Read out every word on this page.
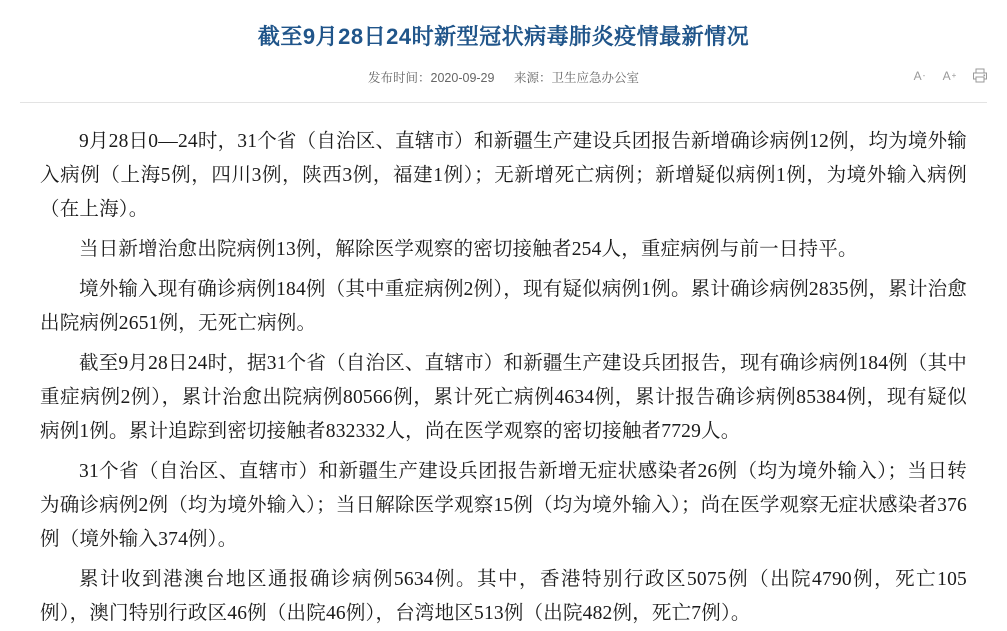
截至9月28日24时新型冠状病毒肺炎疫情最新情况
发布时间：2020-09-29 来源：卫生应急办公室	A - A +

9月28日0—24时，31个省（自治区、直辖市）和新疆生产建设兵团报告新增确诊病例12例，均为境外输入病例（上海5例，四川3例，陕西3例，福建1例）；无新增死亡病例；新增疑似病例1例，为境外输入病例（在上海）。

当日新增治愈出院病例13例，解除医学观察的密切接触者254人，重症病例与前一日持平。

境外输入现有确诊病例184例（其中重症病例2例），现有疑似病例1例。累计确诊病例2835例，累计治愈出院病例2651例，无死亡病例。

截至9月28日24时，据31个省（自治区、直辖市）和新疆生产建设兵团报告，现有确诊病例184例（其中重症病例2例），累计治愈出院病例80566例，累计死亡病例4634例，累计报告确诊病例85384例，现有疑似病例1例。累计追踪到密切接触者832332人，尚在医学观察的密切接触者7729人。

31个省（自治区、直辖市）和新疆生产建设兵团报告新增无症状感染者26例（均为境外输入）；当日转为确诊病例2例（均为境外输入）；当日解除医学观察15例（均为境外输入）；尚在医学观察无症状感染者376例（境外输入374例）。

累计收到港澳台地区通报确诊病例5634例。其中，香港特别行政区5075例（出院4790例，死亡105例），澳门特别行政区46例（出院46例），台湾地区513例（出院482例，死亡7例）。
